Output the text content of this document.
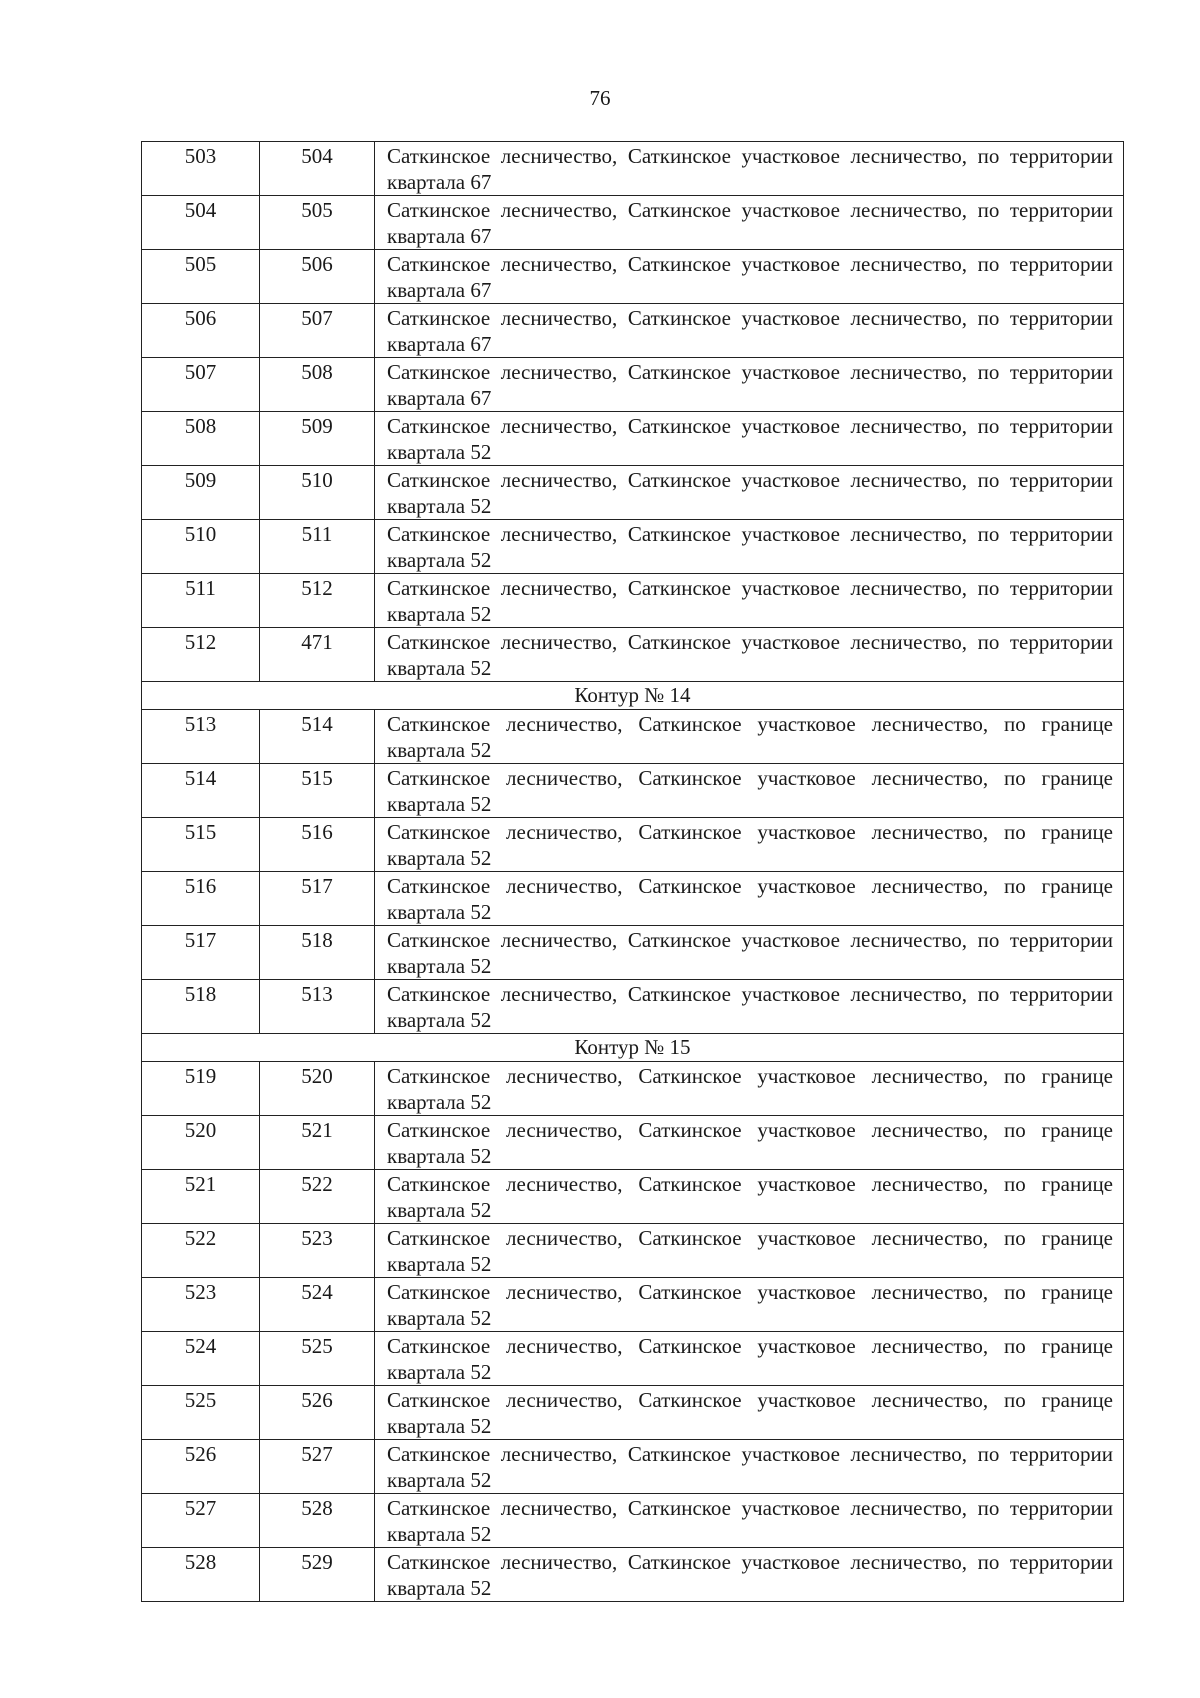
76
503	504	Саткинское лесничество, Саткинское участковое лесничество, по территории квартала 67
504	505	Саткинское лесничество, Саткинское участковое лесничество, по территории квартала 67
505	506	Саткинское лесничество, Саткинское участковое лесничество, по территории квартала 67
506	507	Саткинское лесничество, Саткинское участковое лесничество, по территории квартала 67
507	508	Саткинское лесничество, Саткинское участковое лесничество, по территории квартала 67
508	509	Саткинское лесничество, Саткинское участковое лесничество, по территории квартала 52
509	510	Саткинское лесничество, Саткинское участковое лесничество, по территории квартала 52
510	511	Саткинское лесничество, Саткинское участковое лесничество, по территории квартала 52
511	512	Саткинское лесничество, Саткинское участковое лесничество, по территории квартала 52
512	471	Саткинское лесничество, Саткинское участковое лесничество, по территории квартала 52
Контур № 14		
513	514	Саткинское лесничество, Саткинское участковое лесничество, по границе квартала 52
514	515	Саткинское лесничество, Саткинское участковое лесничество, по границе квартала 52
515	516	Саткинское лесничество, Саткинское участковое лесничество, по границе квартала 52
516	517	Саткинское лесничество, Саткинское участковое лесничество, по границе квартала 52
517	518	Саткинское лесничество, Саткинское участковое лесничество, по территории квартала 52
518	513	Саткинское лесничество, Саткинское участковое лесничество, по территории квартала 52
Контур № 15		
519	520	Саткинское лесничество, Саткинское участковое лесничество, по границе квартала 52
520	521	Саткинское лесничество, Саткинское участковое лесничество, по границе квартала 52
521	522	Саткинское лесничество, Саткинское участковое лесничество, по границе квартала 52
522	523	Саткинское лесничество, Саткинское участковое лесничество, по границе квартала 52
523	524	Саткинское лесничество, Саткинское участковое лесничество, по границе квартала 52
524	525	Саткинское лесничество, Саткинское участковое лесничество, по границе квартала 52
525	526	Саткинское лесничество, Саткинское участковое лесничество, по границе квартала 52
526	527	Саткинское лесничество, Саткинское участковое лесничество, по территории квартала 52
527	528	Саткинское лесничество, Саткинское участковое лесничество, по территории квартала 52
528	529	Саткинское лесничество, Саткинское участковое лесничество, по территории квартала 52
